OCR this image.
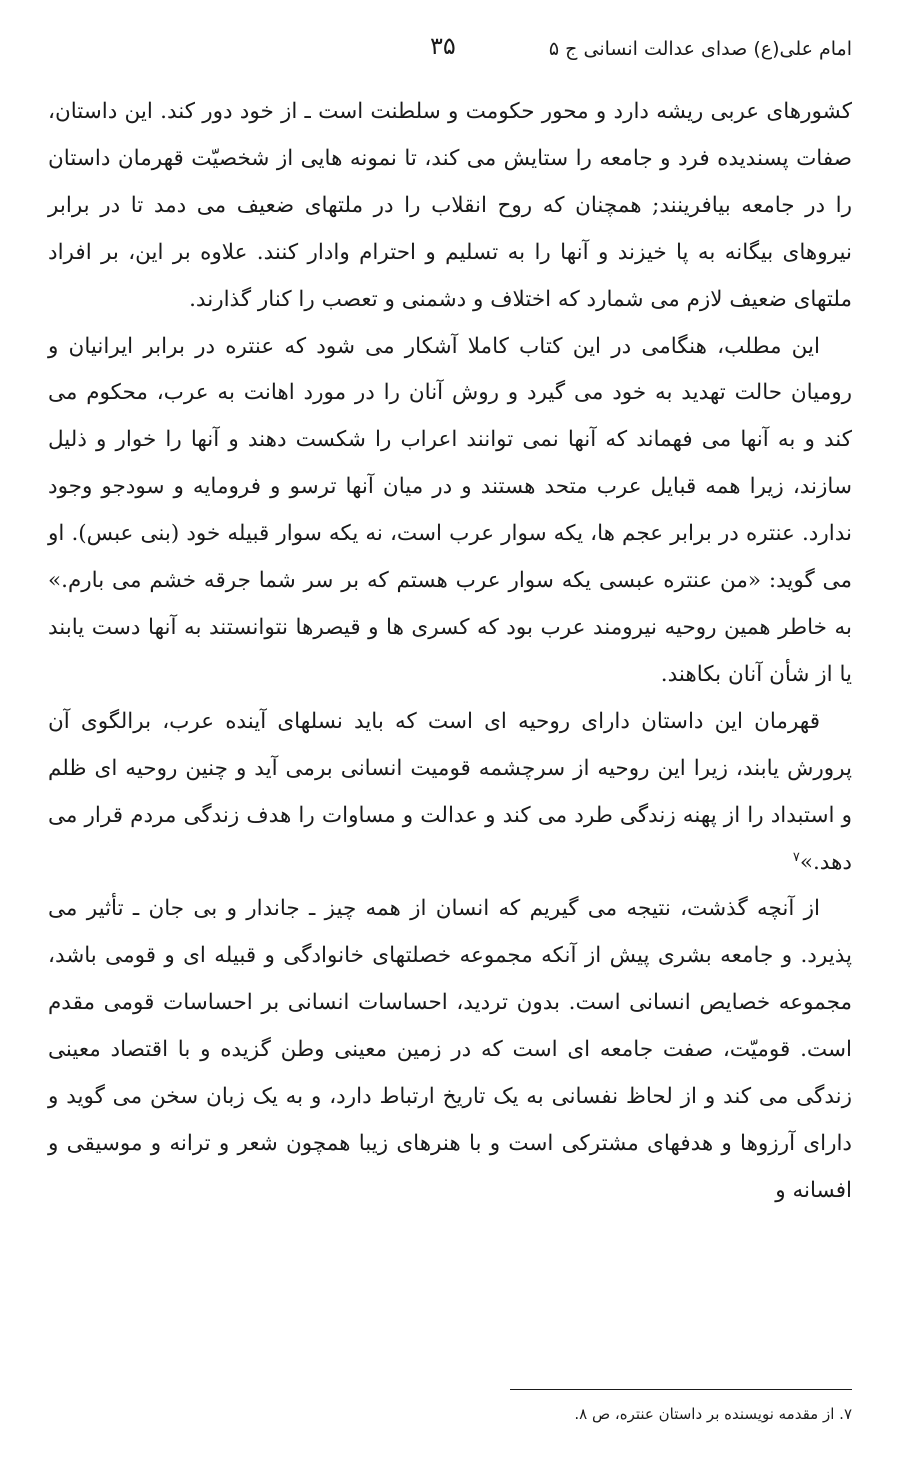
امام علی(ع) صدای عدالت انسانی ج ۵
۳۵

کشورهای عربی ریشه دارد و محور حکومت و سلطنت است ـ از خود دور کند. این داستان، صفات پسندیده فرد و جامعه را ستایش می کند، تا نمونه هایی از شخصیّت قهرمان داستان را در جامعه بیافرینند; همچنان که روح انقلاب را در ملتهای ضعیف می دمد تا در برابر نیروهای بیگانه به پا خیزند و آنها را به تسلیم و احترام وادار کنند. علاوه بر این، بر افراد ملتهای ضعیف لازم می شمارد که اختلاف و دشمنی و تعصب را کنار گذارند.

این مطلب، هنگامی در این کتاب کاملا آشکار می شود که عنتره در برابر ایرانیان و رومیان حالت تهدید به خود می گیرد و روش آنان را در مورد اهانت به عرب، محکوم می کند و به آنها می فهماند که آنها نمی توانند اعراب را شکست دهند و آنها را خوار و ذلیل سازند، زیرا همه قبایل عرب متحد هستند و در میان آنها ترسو و فرومایه و سودجو وجود ندارد. عنتره در برابر عجم ها، یکه سوار عرب است، نه یکه سوار قبیله خود (بنی عبس). او می گوید: «من عنتره عبسی یکه سوار عرب هستم که بر سر شما جرقه خشم می بارم.» به خاطر همین روحیه نیرومند عرب بود که کسری ها و قیصرها نتوانستند به آنها دست یابند یا از شأن آنان بکاهند.

قهرمان این داستان دارای روحیه ای است که باید نسلهای آینده عرب، برالگوی آن پرورش یابند، زیرا این روحیه از سرچشمه قومیت انسانی برمی آید و چنین روحیه ای ظلم و استبداد را از پهنه زندگی طرد می کند و عدالت و مساوات را هدف زندگی مردم قرار می دهد.»$^۷$

از آنچه گذشت، نتیجه می گیریم که انسان از همه چیز ـ جاندار و بی جان ـ تأثیر می پذیرد. و جامعه بشری پیش از آنکه مجموعه خصلتهای خانوادگی و قبیله ای و قومی باشد، مجموعه خصایص انسانی است. بدون تردید، احساسات انسانی بر احساسات قومی مقدم است. قومیّت، صفت جامعه ای است که در زمین معینی وطن گزیده و با اقتصاد معینی زندگی می کند و از لحاظ نفسانی به یک تاریخ ارتباط دارد، و به یک زبان سخن می گوید و دارای آرزوها و هدفهای مشترکی است و با هنرهای زیبا همچون شعر و ترانه و موسیقی و افسانه و

۷. از مقدمه نویسنده بر داستان عنتره، ص ۸.
